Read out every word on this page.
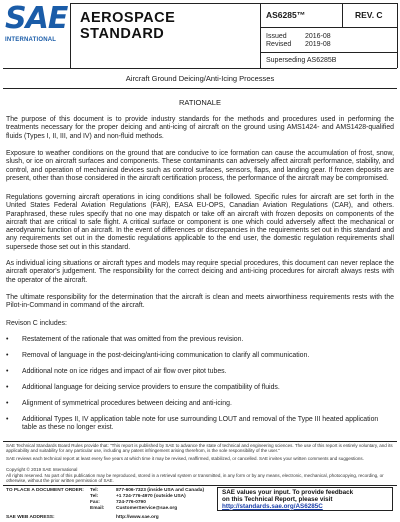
SAE
INTERNATIONAL
AEROSPACE
STANDARD
AS6285™	REV. C
Issued	2016-08
Revised 2019-08
Superseding AS6285B
Aircraft Ground Deicing/Anti-Icing Processes
RATIONALE
The purpose of this document is to provide industry standards for the methods and procedures used in performing the treatments necessary for the proper deicing and anti-icing of aircraft on the ground using AMS1424- and AMS1428-qualified fluids (Types I, II, III, and IV) and non-fluid methods.
Exposure to weather conditions on the ground that are conducive to ice formation can cause the accumulation of frost, snow, slush, or ice on aircraft surfaces and components. These contaminants can adversely affect aircraft performance, stability, and control, and operation of mechanical devices such as control surfaces, sensors, flaps, and landing gear. If frozen deposits are present, other than those considered in the aircraft certification process, the performance of the aircraft may be compromised.
Regulations governing aircraft operations in icing conditions shall be followed. Specific rules for aircraft are set forth in the United States Federal Aviation Regulations (FAR), EASA EU-OPS, Canadian Aviation Regulations (CAR), and others. Paraphrased, these rules specify that no one may dispatch or take off an aircraft with frozen deposits on components of the aircraft that are critical to safe flight. A critical surface or component is one which could adversely affect the mechanical or aerodynamic function of an aircraft. In the event of differences or discrepancies in the requirements set out in this standard and any requirements set out in the domestic regulations applicable to the end user, the domestic regulation requirements shall supersede those set out in this standard.
As individual icing situations or aircraft types and models may require special procedures, this document can never replace the aircraft operator's judgement. The responsibility for the correct deicing and anti-icing procedures for aircraft always rests with the operator of the aircraft.
The ultimate responsibility for the determination that the aircraft is clean and meets airworthiness requirements rests with the Pilot-in-Command in command of the aircraft.
Revison C includes:
• Restatement of the rationale that was omitted from the previous revision.
• Removal of language in the post-deicing/anti-icing communication to clarify all communication.
• Additional note on ice ridges and impact of air flow over pitot tubes.
• Additional language for deicing service providers to ensure the compatibility of fluids.
• Alignment of symmetrical procedures between deicing and anti-icing.
• Additional Types II, IV application table note for use surrounding LOUT and removal of the Type III heated application table as these no longer exist.
SAE Technical Standards Board Rules provide that: "This report is published by SAE to advance the state of technical and engineering sciences. The use of this report is entirely voluntary, and its applicability and suitability for any particular use, including any patent infringement arising therefrom, is the sole responsibility of the user."
SAE reviews each technical report at least every five years at which time it may be revised, reaffirmed, stabilized, or cancelled. SAE invites your written comments and suggestions.
Copyright © 2019 SAE International
All rights reserved. No part of this publication may be reproduced, stored in a retrieval system or transmitted, in any form or by any means, electronic, mechanical, photocopying, recording, or otherwise, without the prior written permission of SAE.
TO PLACE A DOCUMENT ORDER:
SAE WEB ADDRESS:
Tel:	877-606-7323 (inside USA and Canada)
Tel:	+1 724-776-4970 (outside USA)
Fax:	724-776-0790
Email: CustomerService@sae.org
http://www.sae.org
SAE values your input. To provide feedback
on this Technical Report, please visit
http://standards.sae.org/AS6285C
